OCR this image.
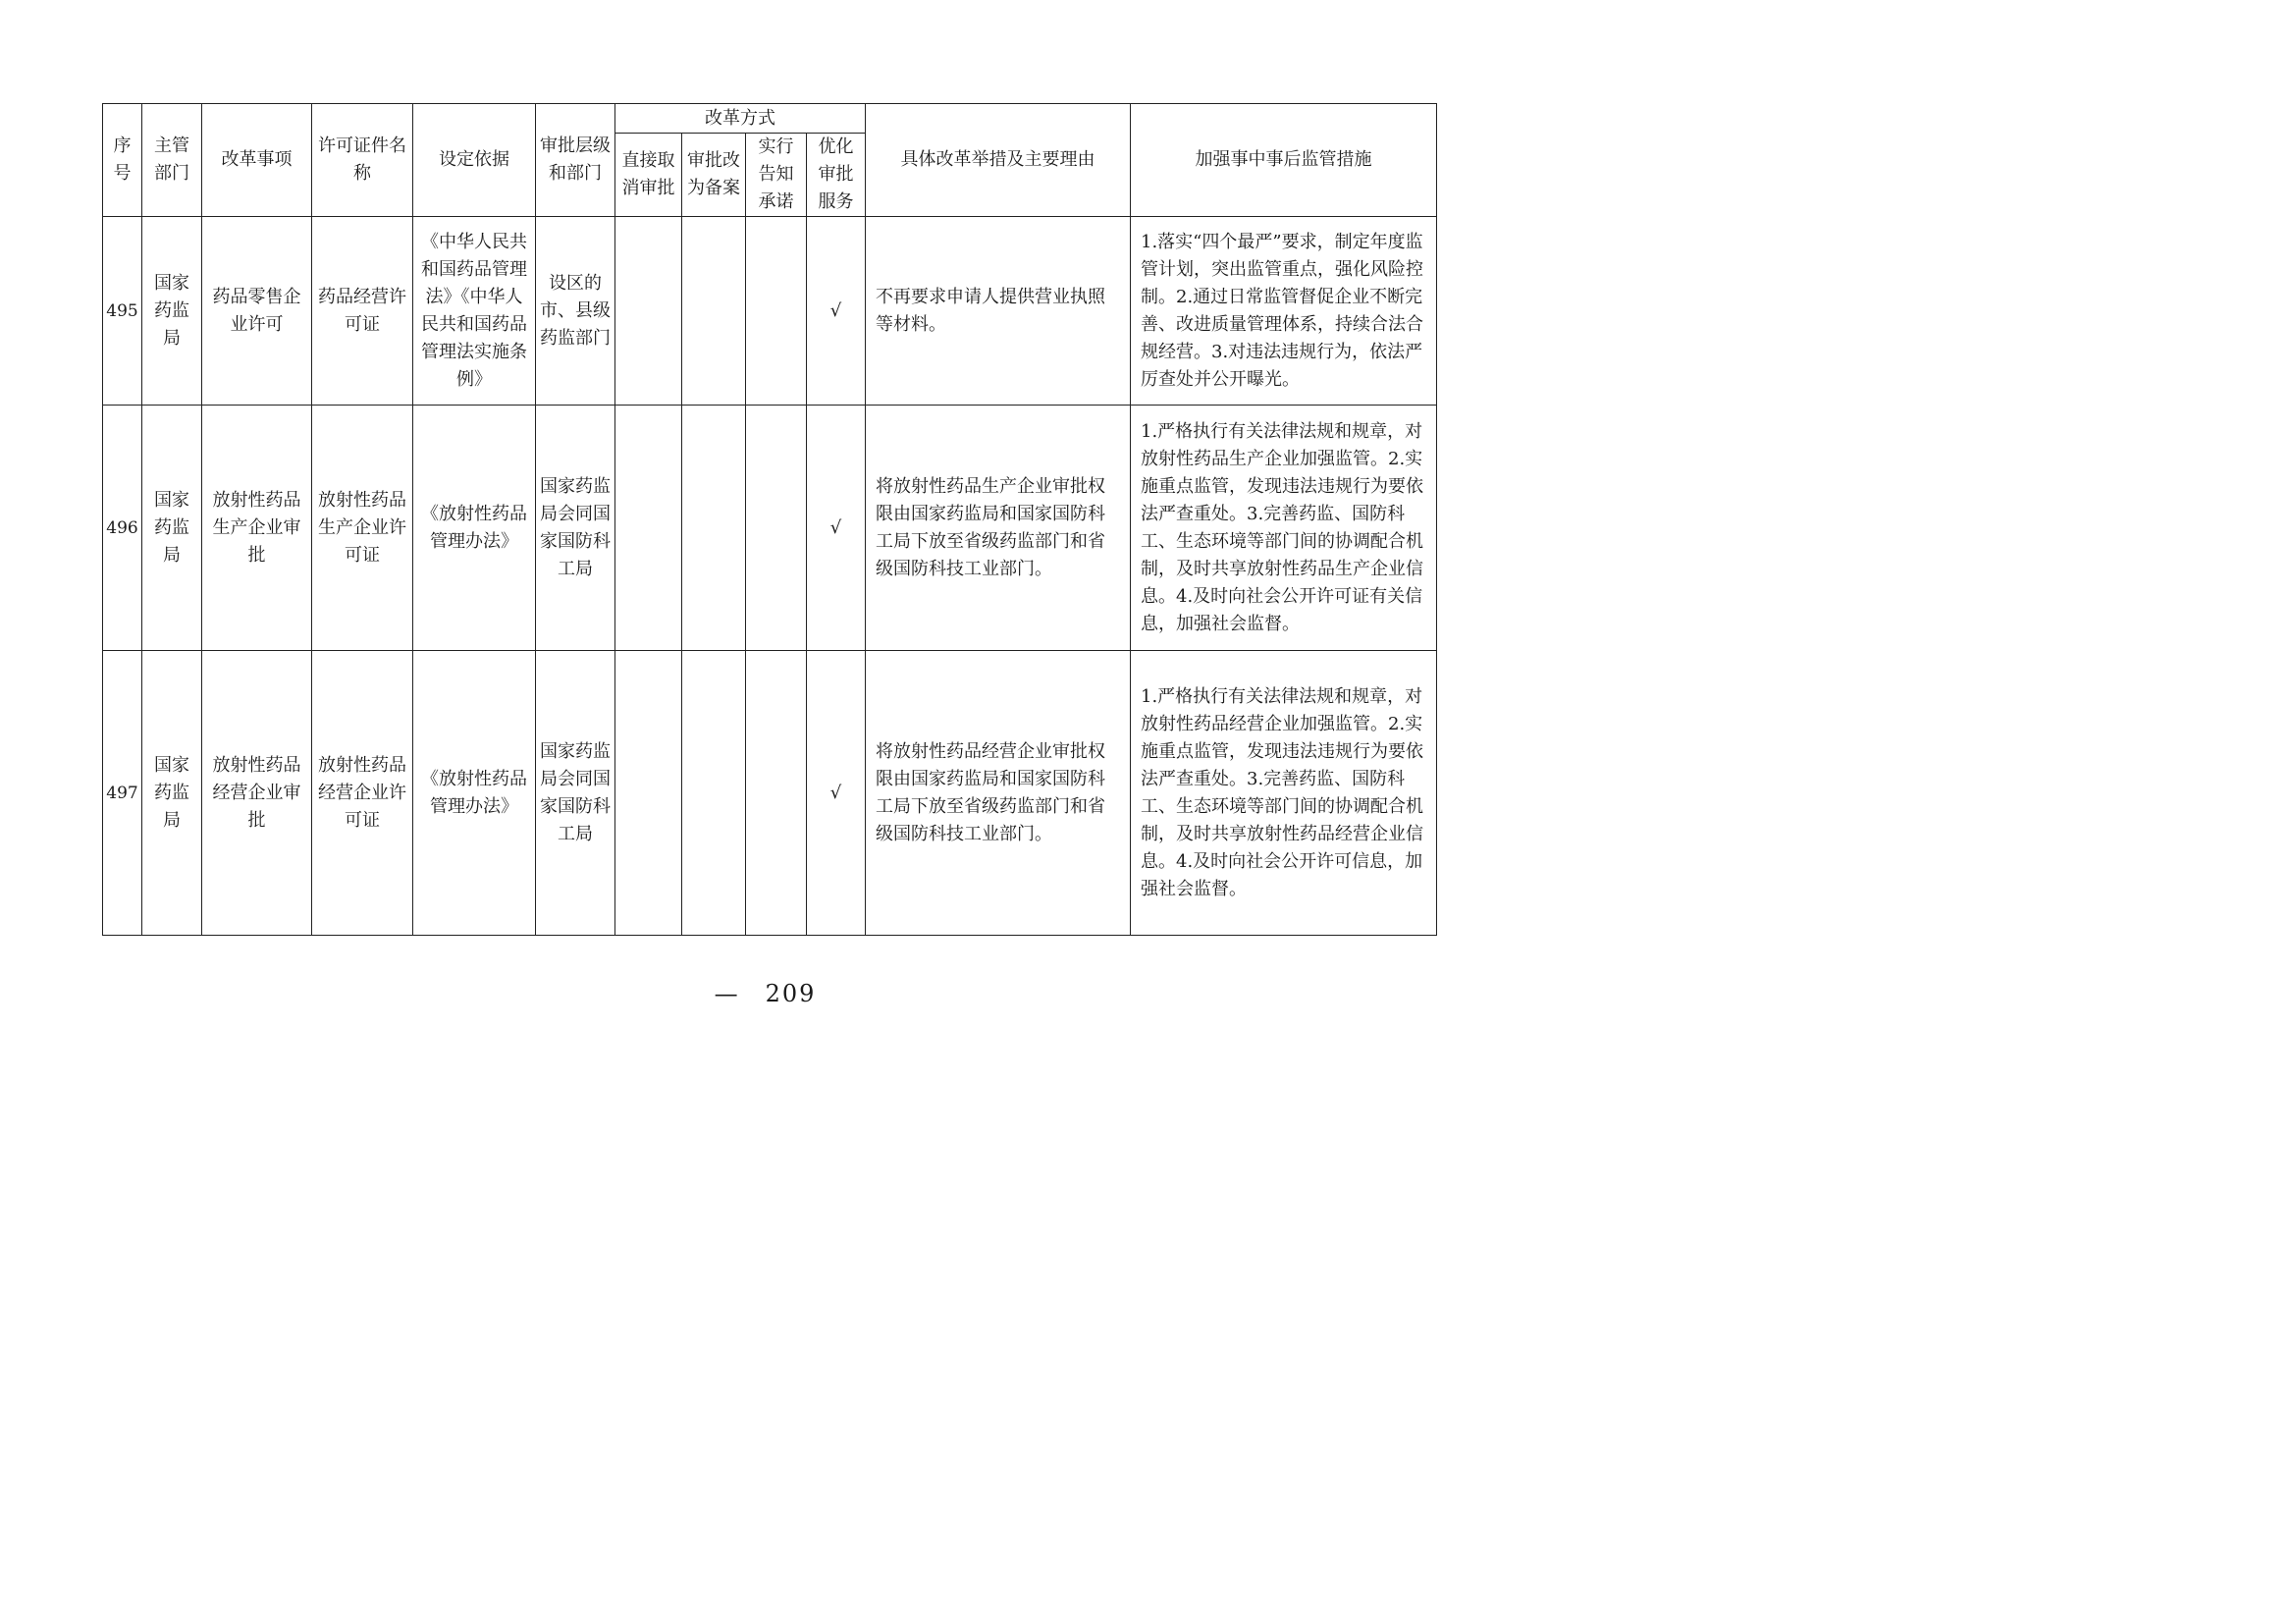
序号	主管部门	改革事项	许可证件名称	设定依据	审批层级和部门	改革方式				具体改革举措及主要理由	加强事中事后监管措施
						直接取消审批	审批改为备案	实行告知承诺	优化审批服务		
495	国家药监局	药品零售企业许可	药品经营许可证	《中华人民共和国药品管理法》《中华人民共和国药品管理法实施条例》	设区的市、县级药监部门				√	不再要求申请人提供营业执照等材料。	1.落实“四个最严”要求，制定年度监管计划，突出监管重点，强化风险控制。2.通过日常监管督促企业不断完善、改进质量管理体系，持续合法合规经营。3.对违法违规行为，依法严厉查处并公开曝光。
496	国家药监局	放射性药品生产企业审批	放射性药品生产企业许可证	《放射性药品管理办法》	国家药监局会同国家国防科工局				√	将放射性药品生产企业审批权限由国家药监局和国家国防科工局下放至省级药监部门和省级国防科技工业部门。	1.严格执行有关法律法规和规章，对放射性药品生产企业加强监管。2.实施重点监管，发现违法违规行为要依法严查重处。3.完善药监、国防科工、生态环境等部门间的协调配合机制，及时共享放射性药品生产企业信息。4.及时向社会公开许可证有关信息，加强社会监督。
497	国家药监局	放射性药品经营企业审批	放射性药品经营企业许可证	《放射性药品管理办法》	国家药监局会同国家国防科工局				√	将放射性药品经营企业审批权限由国家药监局和国家国防科工局下放至省级药监部门和省级国防科技工业部门。	1.严格执行有关法律法规和规章，对放射性药品经营企业加强监管。2.实施重点监管，发现违法违规行为要依法严查重处。3.完善药监、国防科工、生态环境等部门间的协调配合机制，及时共享放射性药品经营企业信息。4.及时向社会公开许可信息，加强社会监督。
— 209
